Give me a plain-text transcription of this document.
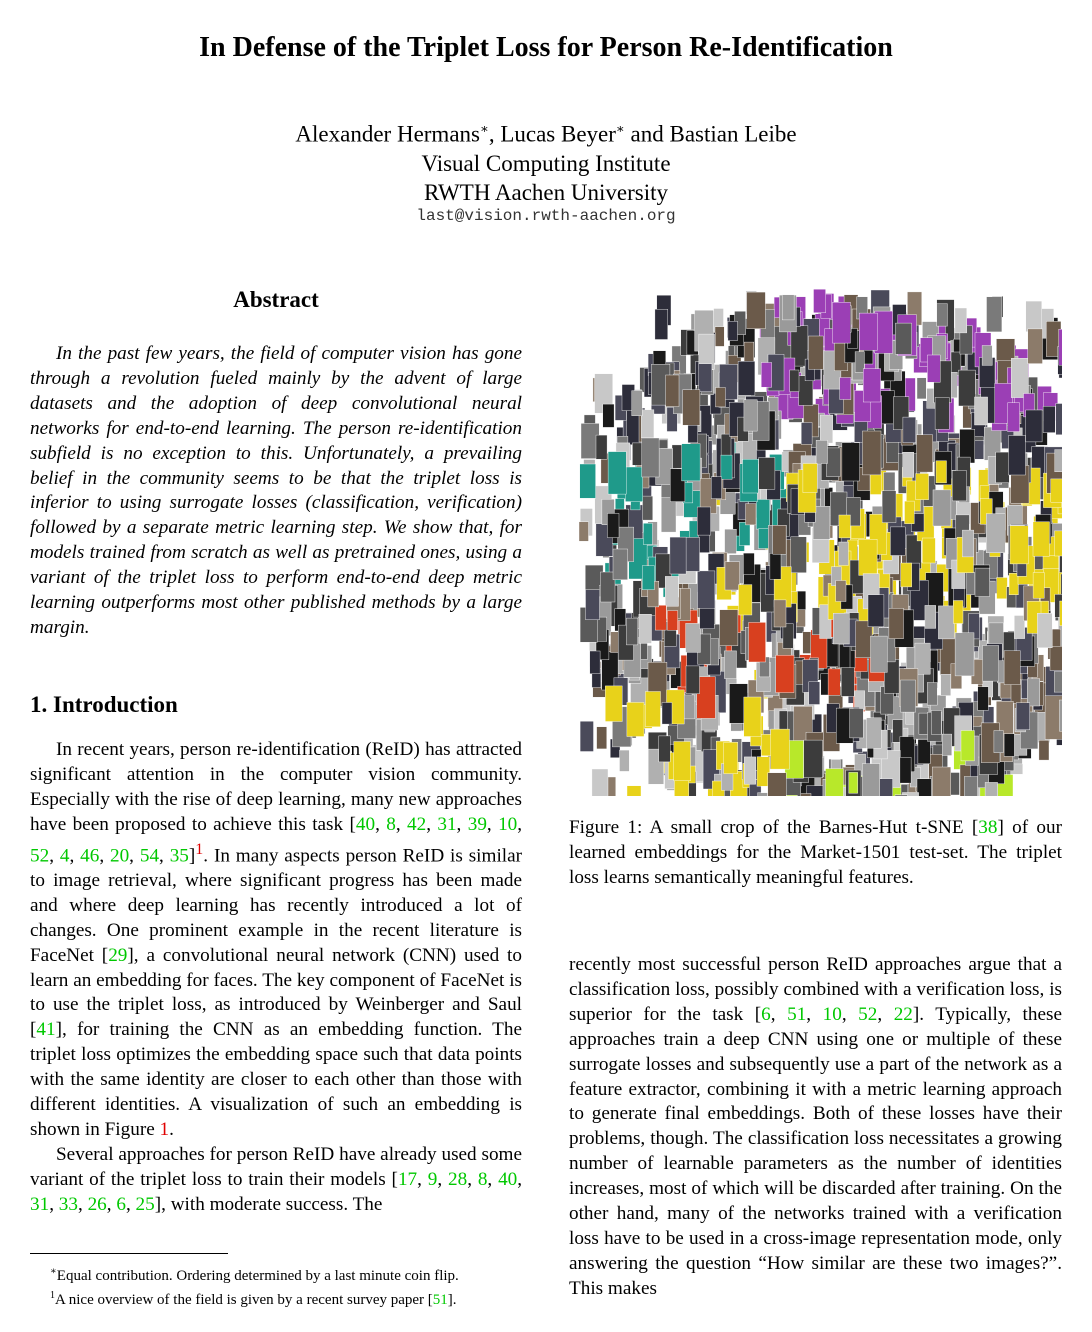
In Defense of the Triplet Loss for Person Re-Identification
Alexander Hermans∗, Lucas Beyer∗ and Bastian Leibe
Visual Computing Institute
RWTH Aachen University
last@vision.rwth-aachen.org
Abstract

In the past few years, the field of computer vision has gone through a revolution fueled mainly by the advent of large datasets and the adoption of deep convolutional neural networks for end-to-end learning. The person re-identification subfield is no exception to this. Unfortunately, a prevailing belief in the community seems to be that the triplet loss is inferior to using surrogate losses (classification, verification) followed by a separate metric learning step. We show that, for models trained from scratch as well as pretrained ones, using a variant of the triplet loss to perform end-to-end deep metric learning outperforms most other published methods by a large margin.

1. Introduction

In recent years, person re-identification (ReID) has attracted significant attention in the computer vision community. Especially with the rise of deep learning, many new approaches have been proposed to achieve this task [40, 8, 42, 31, 39, 10, 52, 4, 46, 20, 54, 35]$^1$. In many aspects person ReID is similar to image retrieval, where significant progress has been made and where deep learning has recently introduced a lot of changes. One prominent example in the recent literature is FaceNet [29], a convolutional neural network (CNN) used to learn an embedding for faces. The key component of FaceNet is to use the triplet loss, as introduced by Weinberger and Saul [41], for training the CNN as an embedding function. The triplet loss optimizes the embedding space such that data points with the same identity are closer to each other than those with different identities. A visualization of such an embedding is shown in Figure 1.

Several approaches for person ReID have already used some variant of the triplet loss to train their models [17, 9, 28, 8, 40, 31, 33, 26, 6, 25], with moderate success. The

∗Equal contribution. Ordering determined by a last minute coin flip.
$^1$A nice overview of the field is given by a recent survey paper [51].
Figure 1: A small crop of the Barnes-Hut t-SNE [38] of our learned embeddings for the Market-1501 test-set. The triplet loss learns semantically meaningful features.

recently most successful person ReID approaches argue that a classification loss, possibly combined with a verification loss, is superior for the task [6, 51, 10, 52, 22]. Typically, these approaches train a deep CNN using one or multiple of these surrogate losses and subsequently use a part of the network as a feature extractor, combining it with a metric learning approach to generate final embeddings. Both of these losses have their problems, though. The classification loss necessitates a growing number of learnable parameters as the number of identities increases, most of which will be discarded after training. On the other hand, many of the networks trained with a verification loss have to be used in a cross-image representation mode, only answering the question “How similar are these two images?”. This makes
